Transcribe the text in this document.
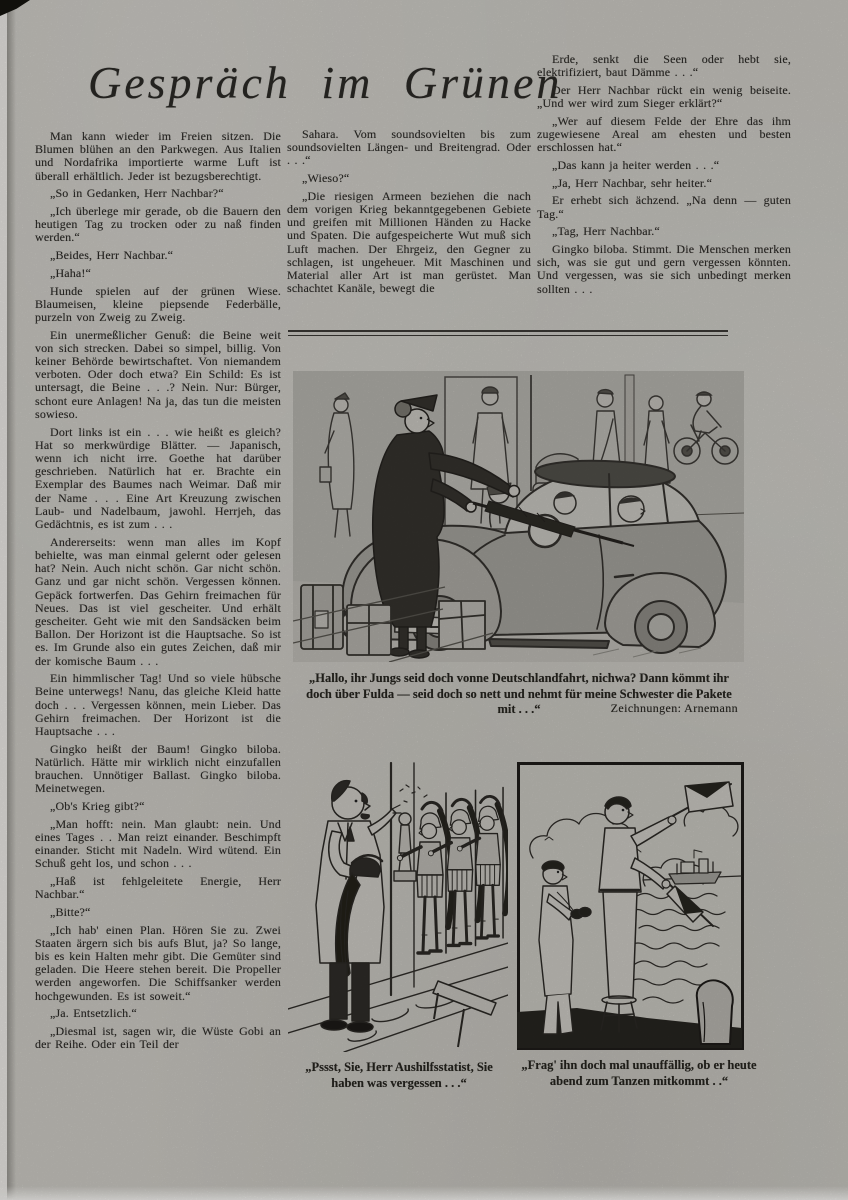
Gespräch im Grünen

Man kann wieder im Freien sitzen. Die Blumen blühen an den Parkwegen. Aus Italien und Nordafrika importierte warme Luft ist überall erhältlich. Jeder ist bezugsberechtigt.

„So in Gedanken, Herr Nachbar?“

„Ich überlege mir gerade, ob die Bauern den heutigen Tag zu trocken oder zu naß finden werden.“

„Beides, Herr Nachbar.“

„Haha!“

Hunde spielen auf der grünen Wiese. Blaumeisen, kleine piepsende Federbälle, purzeln von Zweig zu Zweig.

Ein unermeßlicher Genuß: die Beine weit von sich strecken. Dabei so simpel, billig. Von keiner Behörde bewirtschaftet. Von niemandem verboten. Oder doch etwa? Ein Schild: Es ist untersagt, die Beine . . .? Nein. Nur: Bürger, schont eure Anlagen! Na ja, das tun die meisten sowieso.

Dort links ist ein . . . wie heißt es gleich? Hat so merkwürdige Blätter. — Japanisch, wenn ich nicht irre. Goethe hat darüber geschrieben. Natürlich hat er. Brachte ein Exemplar des Baumes nach Weimar. Daß mir der Name . . . Eine Art Kreuzung zwischen Laub- und Nadelbaum, jawohl. Herrjeh, das Gedächtnis, es ist zum . . .

Andererseits: wenn man alles im Kopf behielte, was man einmal gelernt oder gelesen hat? Nein. Auch nicht schön. Gar nicht schön. Ganz und gar nicht schön. Vergessen können. Gepäck fortwerfen. Das Gehirn freimachen für Neues. Das ist viel gescheiter. Und erhält gescheiter. Geht wie mit den Sandsäcken beim Ballon. Der Horizont ist die Hauptsache. So ist es. Im Grunde also ein gutes Zeichen, daß mir der komische Baum . . .

Ein himmlischer Tag! Und so viele hübsche Beine unterwegs! Nanu, das gleiche Kleid hatte doch . . . Vergessen können, mein Lieber. Das Gehirn freimachen. Der Horizont ist die Hauptsache . . .

Gingko heißt der Baum! Gingko biloba. Natürlich. Hätte mir wirklich nicht einzufallen brauchen. Unnötiger Ballast. Gingko biloba. Meinetwegen.

„Ob's Krieg gibt?“

„Man hofft: nein. Man glaubt: nein. Und eines Tages . . Man reizt einander. Beschimpft einander. Sticht mit Nadeln. Wird wütend. Ein Schuß geht los, und schon . . .

„Haß ist fehlgeleitete Energie, Herr Nachbar.“

„Bitte?“

„Ich hab' einen Plan. Hören Sie zu. Zwei Staaten ärgern sich bis aufs Blut, ja? So lange, bis es kein Halten mehr gibt. Die Gemüter sind geladen. Die Heere stehen bereit. Die Propeller werden angeworfen. Die Schiffsanker werden hochgewunden. Es ist soweit.“

„Ja. Entsetzlich.“

„Diesmal ist, sagen wir, die Wüste Gobi an der Reihe. Oder ein Teil der

Sahara. Vom soundsovielten bis zum soundsovielten Längen- und Breitengrad. Oder . . .“

„Wieso?“

„Die riesigen Armeen beziehen die nach dem vorigen Krieg bekanntgegebenen Gebiete und greifen mit Millionen Händen zu Hacke und Spaten. Die aufgespeicherte Wut muß sich Luft machen. Der Ehrgeiz, den Gegner zu schlagen, ist ungeheuer. Mit Maschinen und Material aller Art ist man gerüstet. Man schachtet Kanäle, bewegt die

Erde, senkt die Seen oder hebt sie, elektrifiziert, baut Dämme . . .“

Der Herr Nachbar rückt ein wenig beiseite. „Und wer wird zum Sieger erklärt?“

„Wer auf diesem Felde der Ehre das ihm zugewiesene Areal am ehesten und besten erschlossen hat.“

„Das kann ja heiter werden . . .“

„Ja, Herr Nachbar, sehr heiter.“

Er erhebt sich ächzend. „Na denn — guten Tag.“

„Tag, Herr Nachbar.“

Gingko biloba. Stimmt. Die Menschen merken sich, was sie gut und gern vergessen könnten. Und vergessen, was sie sich unbedingt merken sollten . . .

„Hallo, ihr Jungs seid doch vonne Deutschlandfahrt, nichwa? Dann kömmt ihr doch über Fulda — seid doch so nett und nehmt für meine Schwester die Pakete mit . . .“	Zeichnungen: Arnemann
„Pssst, Sie, Herr Aushilfsstatist, Sie haben was vergessen . . .“
„Frag' ihn doch mal unauffällig, ob er heute abend zum Tanzen mitkommt . .“
